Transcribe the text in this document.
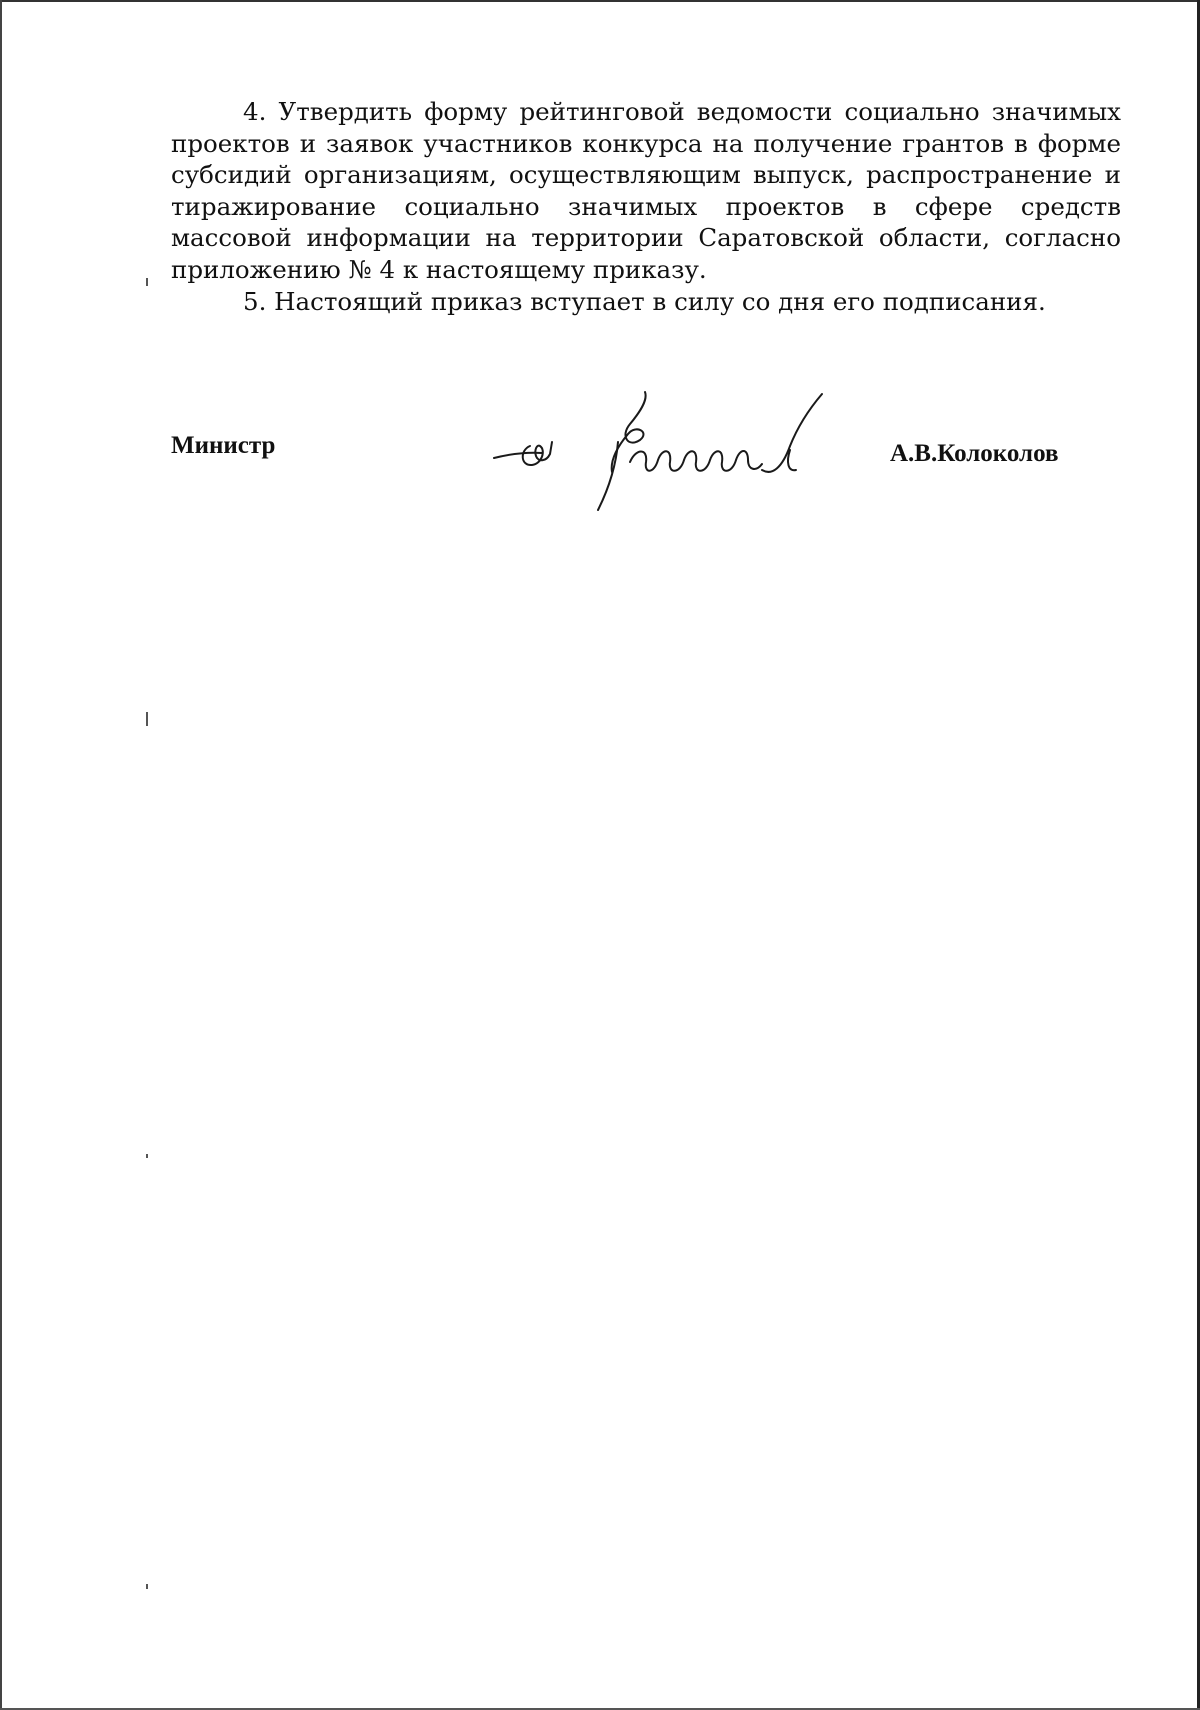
4. Утвердить форму рейтинговой ведомости социально значимых проектов и заявок участников конкурса на получение грантов в форме субсидий организациям, осуществляющим выпуск, распространение и тиражирование социально значимых проектов в сфере средств массовой информации на территории Саратовской области, согласно приложению № 4 к настоящему приказу.

5. Настоящий приказ вступает в силу со дня его подписания.

Министр	А.В.Колоколов
